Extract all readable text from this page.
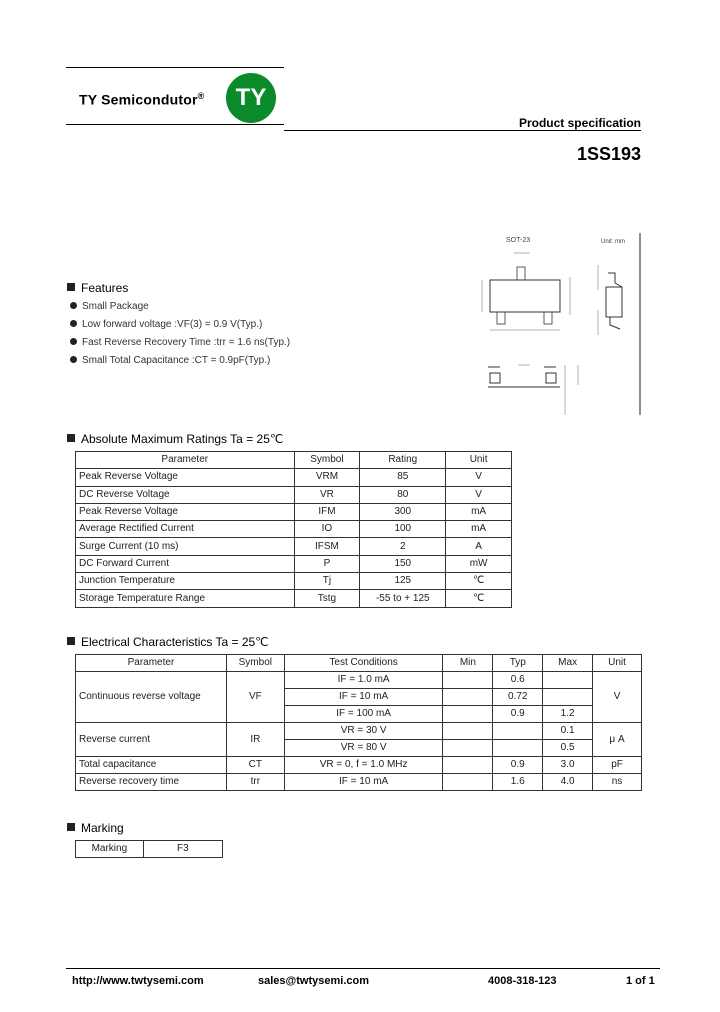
TY Semicondutor®	TY
Product specification
1SS193
SOT-23	Unit: mm
Features
Small Package
Low forward voltage :VF(3) = 0.9 V(Typ.)
Fast Reverse Recovery Time :trr = 1.6 ns(Typ.)
Small Total Capacitance :CT = 0.9pF(Typ.)
Absolute Maximum Ratings Ta = 25℃
Parameter	Symbol	Rating	Unit
Peak Reverse Voltage	VRM	85	V
DC Reverse Voltage	VR	80	V
Peak Reverse Voltage	IFM	300	mA
Average Rectified Current	IO	100	mA
Surge Current (10 ms)	IFSM	2	A
DC Forward Current	P	150	mW
Junction Temperature	Tj	125	℃
Storage Temperature Range	Tstg	-55 to + 125	℃
Electrical Characteristics Ta = 25℃
Parameter	Symbol	Test Conditions	Min	Typ	Max	Unit
Continuous reverse voltage	VF	IF = 1.0 mA		0.6		V
		IF = 10 mA		0.72		
		IF = 100 mA		0.9	1.2	
Reverse current	IR	VR = 30 V			0.1	μ A
		VR = 80 V			0.5	
Total capacitance	CT	VR = 0, f = 1.0 MHz		0.9	3.0	pF
Reverse recovery time	trr	IF = 10 mA		1.6	4.0	ns
Marking
Marking	F3
http://www.twtysemi.com	sales@twtysemi.com	4008-318-123	1 of 1
